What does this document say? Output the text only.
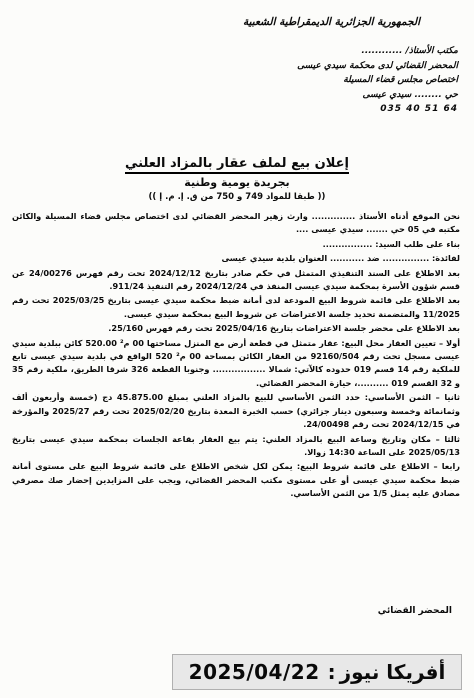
الجمهورية الجزائرية الديمقراطية الشعبية
مكتب الأستاذ/ ............
المحضر القضائي لدى محكمة سيدي عيسى
اختصاص مجلس قضاء المسيلة
حي ........ سيدي عيسى
035 40 51 64
إعلان بيع لملف عقار بالمزاد العلني
بجريدة يومية وطنية
(( طبقا للمواد 749 و 750 من ق. إ. م. إ ))

نحن الموقع أدناه الأستاذ .............. وارث زهير المحضر القضائي لدى اختصاص مجلس قضاء المسيلة والكائن مكتبه في 05 حي ....... سيدي عيسى ....

بناء على طلب السيد: ................

لفائدة: ............... ضد ........... العنوان بلدية سيدي عيسى

بعد الاطلاع على السند التنفيذي المتمثل في حكم صادر بتاريخ 2024/12/12 تحت رقم فهرس 24/00276 عن قسم شؤون الأسرة بمحكمة سيدي عيسى المنفذ في 2024/12/24 رقم التنفيذ 911/24.

بعد الاطلاع على قائمة شروط البيع المودعة لدى أمانة ضبط محكمة سيدي عيسى بتاريخ 2025/03/25 تحت رقم 11/2025 والمتضمنة تحديد جلسة الاعتراضات عن شروط البيع بمحكمة سيدي عيسى.

بعد الاطلاع على محضر جلسة الاعتراضات بتاريخ 2025/04/16 تحت رقم فهرس 25/160.

أولا – تعيين العقار محل البيع: عقار متمثل في قطعة أرض مع المنزل مساحتها 00 م² 520.00 كائن ببلدية سيدي عيسى مسجل تحت رقم 92160/504 من العقار الكائن بمساحة 00 م² 520 الواقع في بلدية سيدي عيسى تابع للملكية رقم 14 قسم 019 حدوده كالآتي: شمالا ................. وجنوبا القطعة 326 شرقا الطريق، ملكية رقم 35 و 32 القسم 019 ..........، حيازة المحضر القضائي.

ثانيا – الثمن الأساسي: حدد الثمن الأساسي للبيع بالمزاد العلني بمبلغ 45.875.00 دج (خمسة وأربعون ألف وثمانمائة وخمسة وسبعون دينار جزائري) حسب الخبرة المعدة بتاريخ 2025/02/20 تحت رقم 2025/27 والمؤرخة في 2024/12/15 تحت رقم 24/00498.

ثالثا – مكان وتاريخ وساعة البيع بالمزاد العلني: يتم بيع العقار بقاعة الجلسات بمحكمة سيدي عيسى بتاريخ 2025/05/13 على الساعة 14:30 زوالا.

رابعا – الاطلاع على قائمة شروط البيع: يمكن لكل شخص الاطلاع على قائمة شروط البيع على مستوى أمانة ضبط محكمة سيدي عيسى أو على مستوى مكتب المحضر القضائي، ويجب على المزايدين إحضار صك مصرفي مصادق عليه يمثل 1/5 من الثمن الأساسي.

المحضر القضائي
أفريكا نيوز
:
2025/04/22
